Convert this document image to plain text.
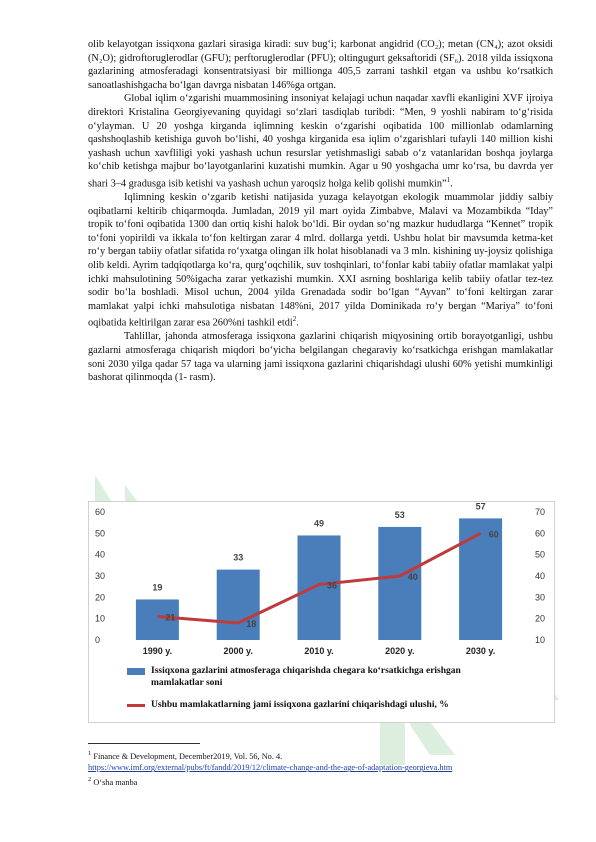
olib kelayotgan issiqxona gazlari sirasiga kiradi: suv bugʻi; karbonat angidrid (CO₂); metan (CN₄); azot oksidi (N₂O); gidroftoruglerodlar (GFU); perftoruglerodlar (PFU); oltingugurt geksaftoridi (SF₆). 2018 yilda issiqxona gazlarining atmosferadagi konsentratsiyasi bir millionga 405,5 zarrani tashkil etgan va ushbu koʻrsatkich sanoatlashishgacha boʻlgan davrga nisbatan 146%ga ortgan.

Global iqlim oʻzgarishi muammosining insoniyat kelajagi uchun naqadar xavfli ekanligini XVF ijroiya direktori Kristalina Georgiyevaning quyidagi soʻzlari tasdiqlab turibdi: “Men, 9 yoshli nabiram toʻgʻrisida oʻylayman. U 20 yoshga kirganda iqlimning keskin oʻzgarishi oqibatida 100 millionlab odamlarning qashshoqlashib ketishiga guvoh boʻlishi, 40 yoshga kirganida esa iqlim oʻzgarishlari tufayli 140 million kishi yashash uchun xavfliligi yoki yashash uchun resurslar yetishmasligi sabab oʻz vatanlaridan boshqa joylarga koʻchib ketishga majbur boʻlayotganlarini kuzatishi mumkin. Agar u 90 yoshgacha umr koʻrsa, bu davrda yer shari 3–4 gradusga isib ketishi va yashash uchun yaroqsiz holga kelib qolishi mumkin”$^1$.

Iqlimning keskin oʻzgarib ketishi natijasida yuzaga kelayotgan ekologik muammolar jiddiy salbiy oqibatlarni keltirib chiqarmoqda. Jumladan, 2019 yil mart oyida Zimbabve, Malavi va Mozambikda “Iday” tropik toʻfoni oqibatida 1300 dan ortiq kishi halok boʻldi. Bir oydan soʻng mazkur hududlarga “Kennet” tropik toʻfoni yopirildi va ikkala toʻfon keltirgan zarar 4 mlrd. dollarga yetdi. Ushbu holat bir mavsumda ketma-ket roʻy bergan tabiiy ofatlar sifatida roʻyxatga olingan ilk holat hisoblanadi va 3 mln. kishining uy-joysiz qolishiga olib keldi. Ayrim tadqiqotlarga koʻra, qurgʻoqchilik, suv toshqinlari, toʻfonlar kabi tabiiy ofatlar mamlakat yalpi ichki mahsulotining 50%igacha zarar yetkazishi mumkin. XXI asrning boshlariga kelib tabiiy ofatlar tez-tez sodir boʻla boshladi. Misol uchun, 2004 yilda Grenadada sodir boʻlgan “Ayvan” toʻfoni keltirgan zarar mamlakat yalpi ichki mahsulotiga nisbatan 148%ni, 2017 yilda Dominikada roʻy bergan “Mariya” toʻfoni oqibatida keltirilgan zarar esa 260%ni tashkil etdi$^2$.

Tahlillar, jahonda atmosferaga issiqxona gazlarini chiqarish miqyosining ortib borayotganligi, ushbu gazlarni atmosferaga chiqarish miqdori boʻyicha belgilangan chegaraviy koʻrsatkichga erishgan mamlakatlar soni 2030 yilga qadar 57 taga va ularning jami issiqxona gazlarini chiqarishdagi ulushi 60% yetishi mumkinligi bashorat qilinmoqda (1- rasm).

0
10
20
30
40
50
60
10
20
30
40
50
60
70
19
1990 y.
33
2000 y.
49
2010 y.
53
2020 y.
57
2030 y.
21
18
36
40
60
Issiqxona gazlarini atmosferaga chiqarishda chegara koʻrsatkichga erishgan mamlakatlar soni
Ushbu mamlakatlarning jami issiqxona gazlarini chiqarishdagi ulushi, %
$^1$ Finance & Development, December2019, Vol. 56, No. 4.
https://www.imf.org/external/pubs/ft/fandd/2019/12/climate-change-and-the-age-of-adaptation-georgieva.htm
$^2$ Oʻsha manba
